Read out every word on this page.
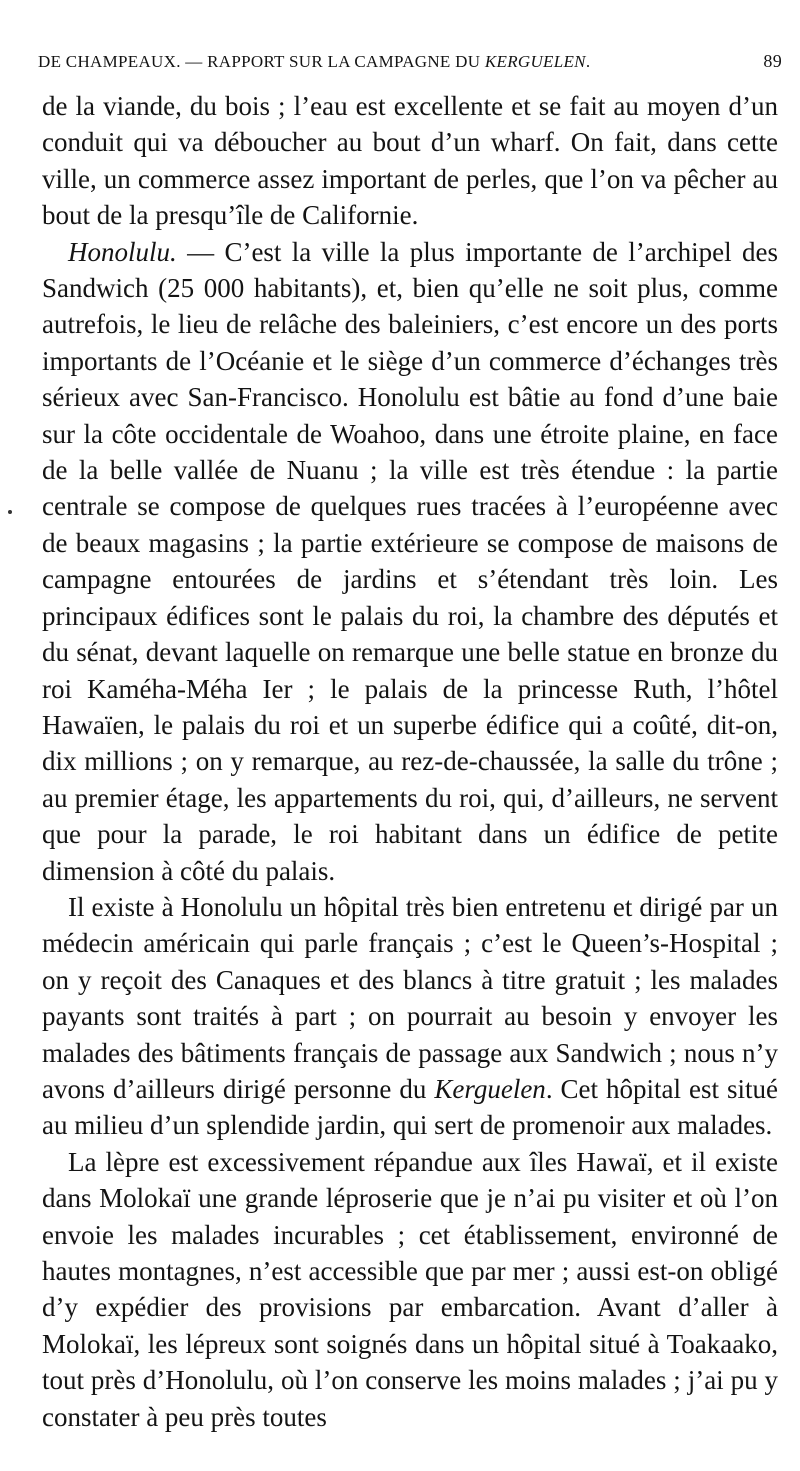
DE CHAMPEAUX. — RAPPORT SUR LA CAMPAGNE DU KERGUELEN.	89

de la viande, du bois ; l’eau est excellente et se fait au moyen d’un conduit qui va déboucher au bout d’un wharf. On fait, dans cette ville, un commerce assez important de perles, que l’on va pêcher au bout de la presqu’île de Californie.

Honolulu. — C’est la ville la plus importante de l’archipel des Sandwich (25 000 habitants), et, bien qu’elle ne soit plus, comme autrefois, le lieu de relâche des baleiniers, c’est encore un des ports importants de l’Océanie et le siège d’un commerce d’échanges très sérieux avec San-Francisco. Honolulu est bâtie au fond d’une baie sur la côte occidentale de Woahoo, dans une étroite plaine, en face de la belle vallée de Nuanu ; la ville est très étendue : la partie centrale se compose de quelques rues tracées à l’européenne avec de beaux magasins ; la partie extérieure se compose de maisons de campagne entourées de jardins et s’étendant très loin. Les principaux édifices sont le palais du roi, la chambre des députés et du sénat, devant laquelle on remarque une belle statue en bronze du roi Kaméha-Méha Ier ; le palais de la princesse Ruth, l’hôtel Hawaïen, le palais du roi et un superbe édifice qui a coûté, dit-on, dix millions ; on y remarque, au rez-de-chaussée, la salle du trône ; au premier étage, les appartements du roi, qui, d’ailleurs, ne servent que pour la parade, le roi habitant dans un édifice de petite dimension à côté du palais.

Il existe à Honolulu un hôpital très bien entretenu et dirigé par un médecin américain qui parle français ; c’est le Queen’s-Hospital ; on y reçoit des Canaques et des blancs à titre gratuit ; les malades payants sont traités à part ; on pourrait au besoin y envoyer les malades des bâtiments français de passage aux Sandwich ; nous n’y avons d’ailleurs dirigé personne du Kerguelen. Cet hôpital est situé au milieu d’un splendide jardin, qui sert de promenoir aux malades.

La lèpre est excessivement répandue aux îles Hawaï, et il existe dans Molokaï une grande léproserie que je n’ai pu visiter et où l’on envoie les malades incurables ; cet établissement, environné de hautes montagnes, n’est accessible que par mer ; aussi est-on obligé d’y expédier des provisions par embarcation. Avant d’aller à Molokaï, les lépreux sont soignés dans un hôpital situé à Toakaako, tout près d’Honolulu, où l’on conserve les moins malades ; j’ai pu y constater à peu près toutes
